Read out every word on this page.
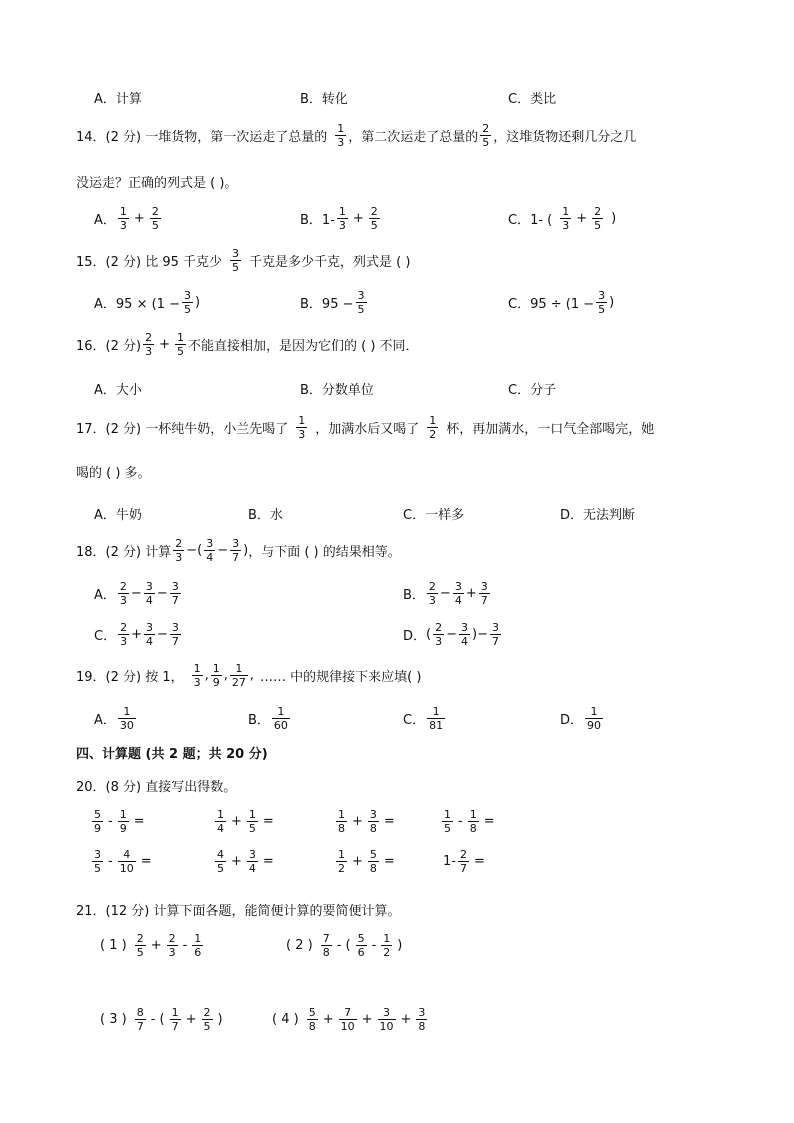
A．计算	B．转化	C．类比
14．(2 分) 一堆货物，第一次运走了总量的 $\frac{1}{3}$ ，第二次运走了总量的 $\frac{2}{5}$ ，这堆货物还剩几分之几
没运走？正确的列式是 ( )。
A． $\frac{1}{3} + \frac{2}{5}$	B．$1- \frac{1}{3} + \frac{2}{5}$	C．1- ( $\frac{1}{3} + \frac{2}{5}$ )
15．(2 分) 比 95 千克少 $\frac{3}{5}$ 千克是多少千克，列式是 ( )
A．$95 \times (1 - \frac{3}{5}$ )	B．$95 - \frac{3}{5}$	C．$95 \div (1 - \frac{3}{5}$ )
16．(2 分) $\frac{2}{3} + \frac{1}{5}$ 不能直接相加，是因为它们的 ( ) 不同．
A．大小	B．分数单位	C．分子
17．(2 分) 一杯纯牛奶，小兰先喝了 $\frac{1}{3}$ ，加满水后又喝了 $\frac{1}{2}$ 杯，再加满水，一口气全部喝完，她
喝的 ( ) 多。
A．牛奶	B．水	C．一样多	D．无法判断
18．(2 分) 计算 $\frac{2}{3}$ −( $\frac{3}{4} - \frac{3}{7}$ ) ，与下面 ( ) 的结果相等。
A． $\frac{2}{3} - \frac{3}{4} - \frac{3}{7}$	B． $\frac{2}{3} - \frac{3}{4} + \frac{3}{7}$
C． $\frac{2}{3} + \frac{3}{4} - \frac{3}{7}$	D． ( $\frac{2}{3} - \frac{3}{4}$ )− $\frac{3}{7}$
19．(2 分) 按 1， $\frac{1}{3}$ , $\frac{1}{9}$ , $\frac{1}{27}$ , …… 中的规律接下来应填( )
A． $\frac{1}{30}$	B． $\frac{1}{60}$	C． $\frac{1}{81}$	D． $\frac{1}{90}$
四、计算题 (共 2 题；共 20 分)
20．(8 分) 直接写出得数。
$\frac{5}{9} - \frac{1}{9}$ =	$\frac{1}{4} + \frac{1}{5}$ =	$\frac{1}{8} + \frac{3}{8}$ =	$\frac{1}{5} - \frac{1}{8}$ =
$\frac{3}{5} - \frac{4}{10}$ =	$\frac{4}{5} + \frac{3}{4}$ =	$\frac{1}{2} + \frac{5}{8}$ =	$1- \frac{2}{7}$ =
21．(12 分) 计算下面各题，能简便计算的要简便计算。
( 1 ) $\frac{2}{5} + \frac{2}{3} - \frac{1}{6}$	( 2 ) $\frac{7}{8}$ - ( $\frac{5}{6} - \frac{1}{2}$ )
( 3 ) $\frac{8}{7}$ - ( $\frac{1}{7} + \frac{2}{5}$ )	( 4 ) $\frac{5}{8} + \frac{7}{10} + \frac{3}{10} + \frac{3}{8}$
